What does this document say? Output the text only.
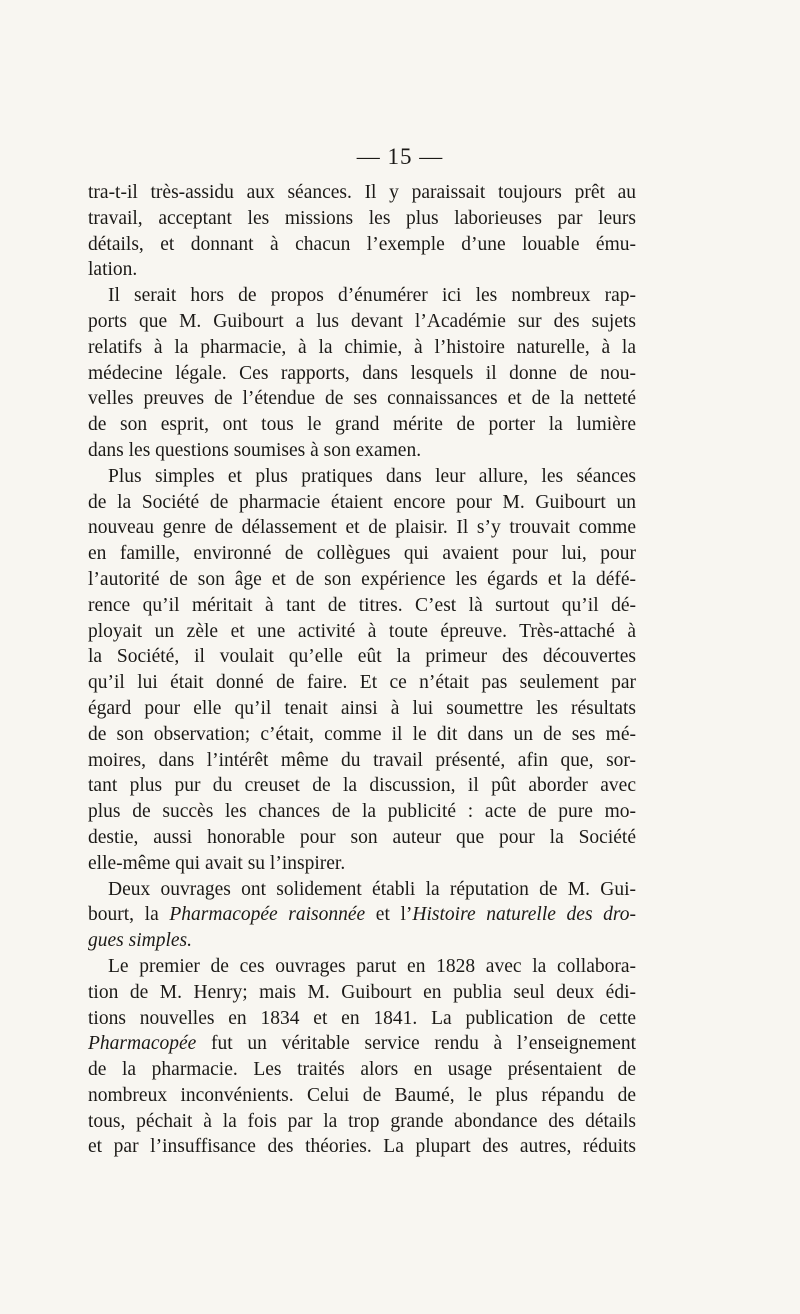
— 15 —
tra-t-il très-assidu aux séances. Il y paraissait toujours prêt au
travail, acceptant les missions les plus laborieuses par leurs
détails, et donnant à chacun l’exemple d’une louable ému-
lation.
Il serait hors de propos d’énumérer ici les nombreux rap-
ports que M. Guibourt a lus devant l’Académie sur des sujets
relatifs à la pharmacie, à la chimie, à l’histoire naturelle, à la
médecine légale. Ces rapports, dans lesquels il donne de nou-
velles preuves de l’étendue de ses connaissances et de la netteté
de son esprit, ont tous le grand mérite de porter la lumière
dans les questions soumises à son examen.
Plus simples et plus pratiques dans leur allure, les séances
de la Société de pharmacie étaient encore pour M. Guibourt un
nouveau genre de délassement et de plaisir. Il s’y trouvait comme
en famille, environné de collègues qui avaient pour lui, pour
l’autorité de son âge et de son expérience les égards et la défé-
rence qu’il méritait à tant de titres. C’est là surtout qu’il dé-
ployait un zèle et une activité à toute épreuve. Très-attaché à
la Société, il voulait qu’elle eût la primeur des découvertes
qu’il lui était donné de faire. Et ce n’était pas seulement par
égard pour elle qu’il tenait ainsi à lui soumettre les résultats
de son observation; c’était, comme il le dit dans un de ses mé-
moires, dans l’intérêt même du travail présenté, afin que, sor-
tant plus pur du creuset de la discussion, il pût aborder avec
plus de succès les chances de la publicité : acte de pure mo-
destie, aussi honorable pour son auteur que pour la Société
elle-même qui avait su l’inspirer.
Deux ouvrages ont solidement établi la réputation de M. Gui-
bourt, la Pharmacopée raisonnée et l’Histoire naturelle des dro-
gues simples.
Le premier de ces ouvrages parut en 1828 avec la collabora-
tion de M. Henry; mais M. Guibourt en publia seul deux édi-
tions nouvelles en 1834 et en 1841. La publication de cette
Pharmacopée fut un véritable service rendu à l’enseignement
de la pharmacie. Les traités alors en usage présentaient de
nombreux inconvénients. Celui de Baumé, le plus répandu de
tous, péchait à la fois par la trop grande abondance des détails
et par l’insuffisance des théories. La plupart des autres, réduits
